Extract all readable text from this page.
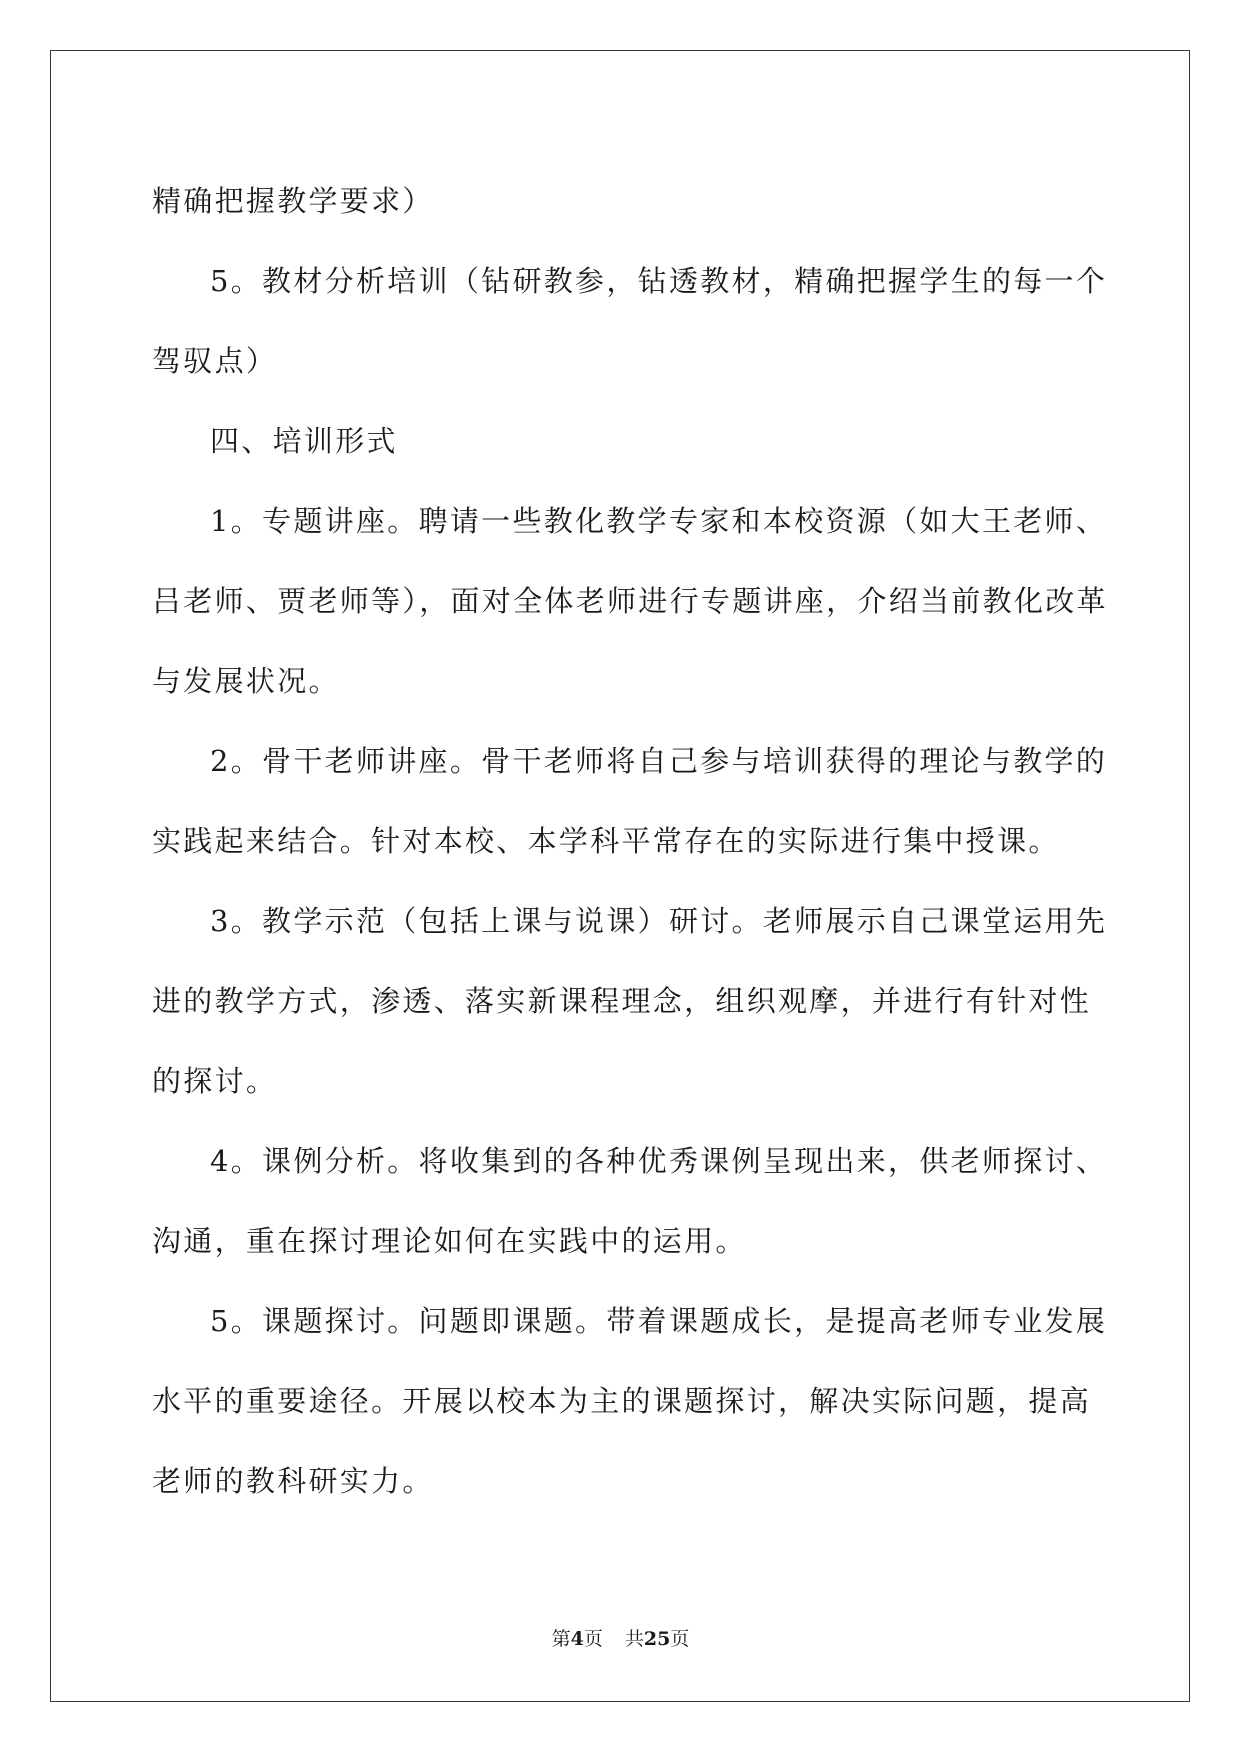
精确把握教学要求）

5。教材分析培训（钻研教参，钻透教材，精确把握学生的每一个

驾驭点）

四、培训形式

1。专题讲座。聘请一些教化教学专家和本校资源（如大王老师、

吕老师、贾老师等），面对全体老师进行专题讲座，介绍当前教化改革

与发展状况。

2。骨干老师讲座。骨干老师将自己参与培训获得的理论与教学的

实践起来结合。针对本校、本学科平常存在的实际进行集中授课。

3。教学示范（包括上课与说课）研讨。老师展示自己课堂运用先

进的教学方式，渗透、落实新课程理念，组织观摩，并进行有针对性

的探讨。

4。课例分析。将收集到的各种优秀课例呈现出来，供老师探讨、

沟通，重在探讨理论如何在实践中的运用。

5。课题探讨。问题即课题。带着课题成长，是提高老师专业发展

水平的重要途径。开展以校本为主的课题探讨，解决实际问题，提高

老师的教科研实力。

第4页 共25页
